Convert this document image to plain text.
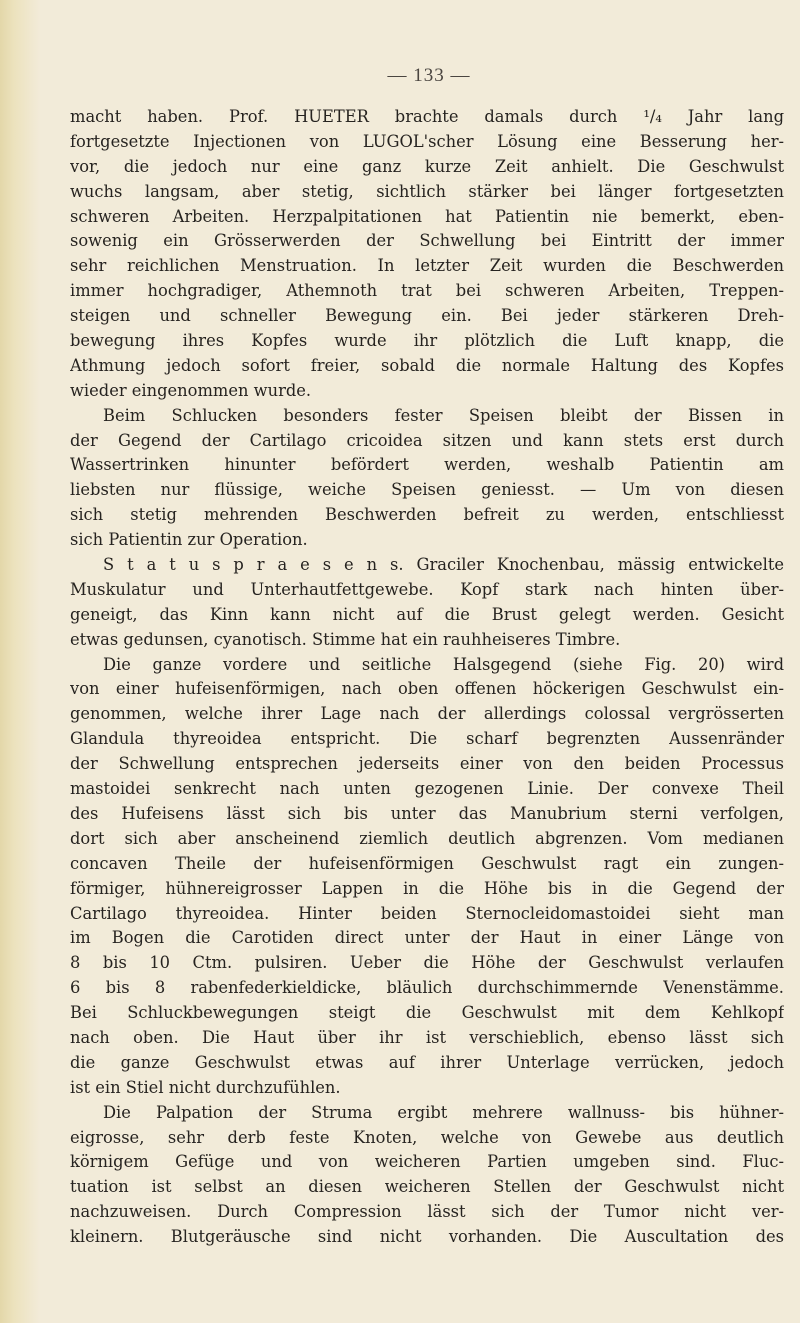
— 133 —
macht haben. Prof. HUETER brachte damals durch ¹/₄ Jahr lang
fortgesetzte Injectionen von LUGOL'scher Lösung eine Besserung her-
vor, die jedoch nur eine ganz kurze Zeit anhielt. Die Geschwulst
wuchs langsam, aber stetig, sichtlich stärker bei länger fortgesetzten
schweren Arbeiten. Herzpalpitationen hat Patientin nie bemerkt, eben-
sowenig ein Grösserwerden der Schwellung bei Eintritt der immer
sehr reichlichen Menstruation. In letzter Zeit wurden die Beschwerden
immer hochgradiger, Athemnoth trat bei schweren Arbeiten, Treppen-
steigen und schneller Bewegung ein. Bei jeder stärkeren Dreh-
bewegung ihres Kopfes wurde ihr plötzlich die Luft knapp, die
Athmung jedoch sofort freier, sobald die normale Haltung des Kopfes
wieder eingenommen wurde.
Beim Schlucken besonders fester Speisen bleibt der Bissen in
der Gegend der Cartilago cricoidea sitzen und kann stets erst durch
Wassertrinken hinunter befördert werden, weshalb Patientin am
liebsten nur flüssige, weiche Speisen geniesst. — Um von diesen
sich stetig mehrenden Beschwerden befreit zu werden, entschliesst
sich Patientin zur Operation.
S t a t u s p r a e s e n s. Graciler Knochenbau, mässig entwickelte
Muskulatur und Unterhautfettgewebe. Kopf stark nach hinten über-
geneigt, das Kinn kann nicht auf die Brust gelegt werden. Gesicht
etwas gedunsen, cyanotisch. Stimme hat ein rauhheiseres Timbre.
Die ganze vordere und seitliche Halsgegend (siehe Fig. 20) wird
von einer hufeisenförmigen, nach oben offenen höckerigen Geschwulst ein-
genommen, welche ihrer Lage nach der allerdings colossal vergrösserten
Glandula thyreoidea entspricht. Die scharf begrenzten Aussenränder
der Schwellung entsprechen jederseits einer von den beiden Processus
mastoidei senkrecht nach unten gezogenen Linie. Der convexe Theil
des Hufeisens lässt sich bis unter das Manubrium sterni verfolgen,
dort sich aber anscheinend ziemlich deutlich abgrenzen. Vom medianen
concaven Theile der hufeisenförmigen Geschwulst ragt ein zungen-
förmiger, hühnereigrosser Lappen in die Höhe bis in die Gegend der
Cartilago thyreoidea. Hinter beiden Sternocleidomastoidei sieht man
im Bogen die Carotiden direct unter der Haut in einer Länge von
8 bis 10 Ctm. pulsiren. Ueber die Höhe der Geschwulst verlaufen
6 bis 8 rabenfederkieldicke, bläulich durchschimmernde Venenstämme.
Bei Schluckbewegungen steigt die Geschwulst mit dem Kehlkopf
nach oben. Die Haut über ihr ist verschieblich, ebenso lässt sich
die ganze Geschwulst etwas auf ihrer Unterlage verrücken, jedoch
ist ein Stiel nicht durchzufühlen.
Die Palpation der Struma ergibt mehrere wallnuss- bis hühner-
eigrosse, sehr derb feste Knoten, welche von Gewebe aus deutlich
körnigem Gefüge und von weicheren Partien umgeben sind. Fluc-
tuation ist selbst an diesen weicheren Stellen der Geschwulst nicht
nachzuweisen. Durch Compression lässt sich der Tumor nicht ver-
kleinern. Blutgeräusche sind nicht vorhanden. Die Auscultation des
